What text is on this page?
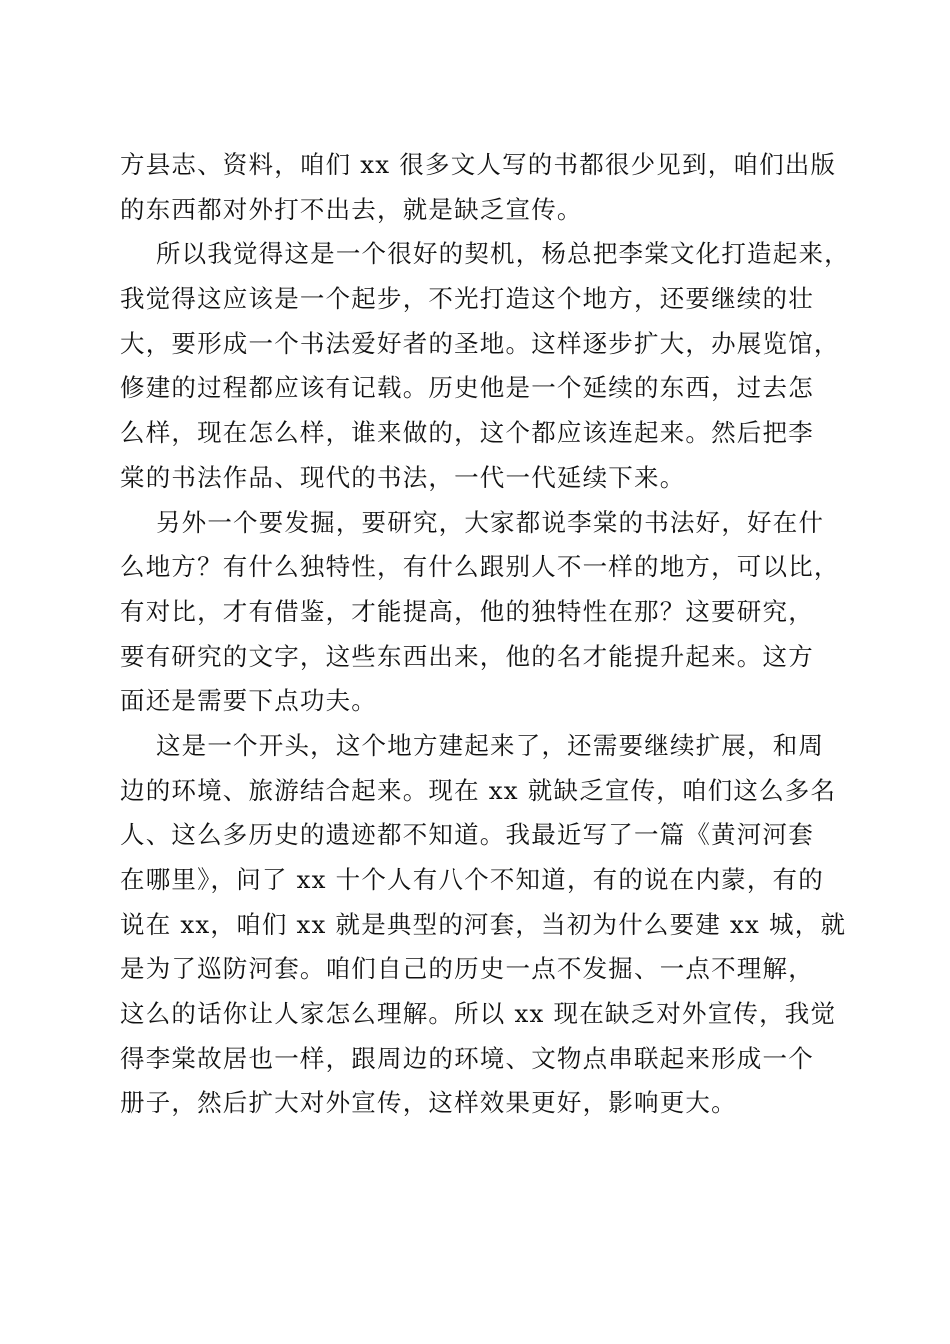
方县志、资料，咱们 xx 很多文人写的书都很少见到，咱们出版
的东西都对外打不出去，就是缺乏宣传。
所以我觉得这是一个很好的契机，杨总把李棠文化打造起来，
我觉得这应该是一个起步，不光打造这个地方，还要继续的壮
大，要形成一个书法爱好者的圣地。这样逐步扩大，办展览馆，
修建的过程都应该有记载。历史他是一个延续的东西，过去怎
么样，现在怎么样，谁来做的，这个都应该连起来。然后把李
棠的书法作品、现代的书法，一代一代延续下来。
另外一个要发掘，要研究，大家都说李棠的书法好，好在什
么地方？有什么独特性，有什么跟别人不一样的地方，可以比，
有对比，才有借鉴，才能提高，他的独特性在那？这要研究，
要有研究的文字，这些东西出来，他的名才能提升起来。这方
面还是需要下点功夫。
这是一个开头，这个地方建起来了，还需要继续扩展，和周
边的环境、旅游结合起来。现在 xx 就缺乏宣传，咱们这么多名
人、这么多历史的遗迹都不知道。我最近写了一篇《黄河河套
在哪里》，问了 xx 十个人有八个不知道，有的说在内蒙，有的
说在 xx，咱们 xx 就是典型的河套，当初为什么要建 xx 城，就
是为了巡防河套。咱们自己的历史一点不发掘、一点不理解，
这么的话你让人家怎么理解。所以 xx 现在缺乏对外宣传，我觉
得李棠故居也一样，跟周边的环境、文物点串联起来形成一个
册子，然后扩大对外宣传，这样效果更好，影响更大。
